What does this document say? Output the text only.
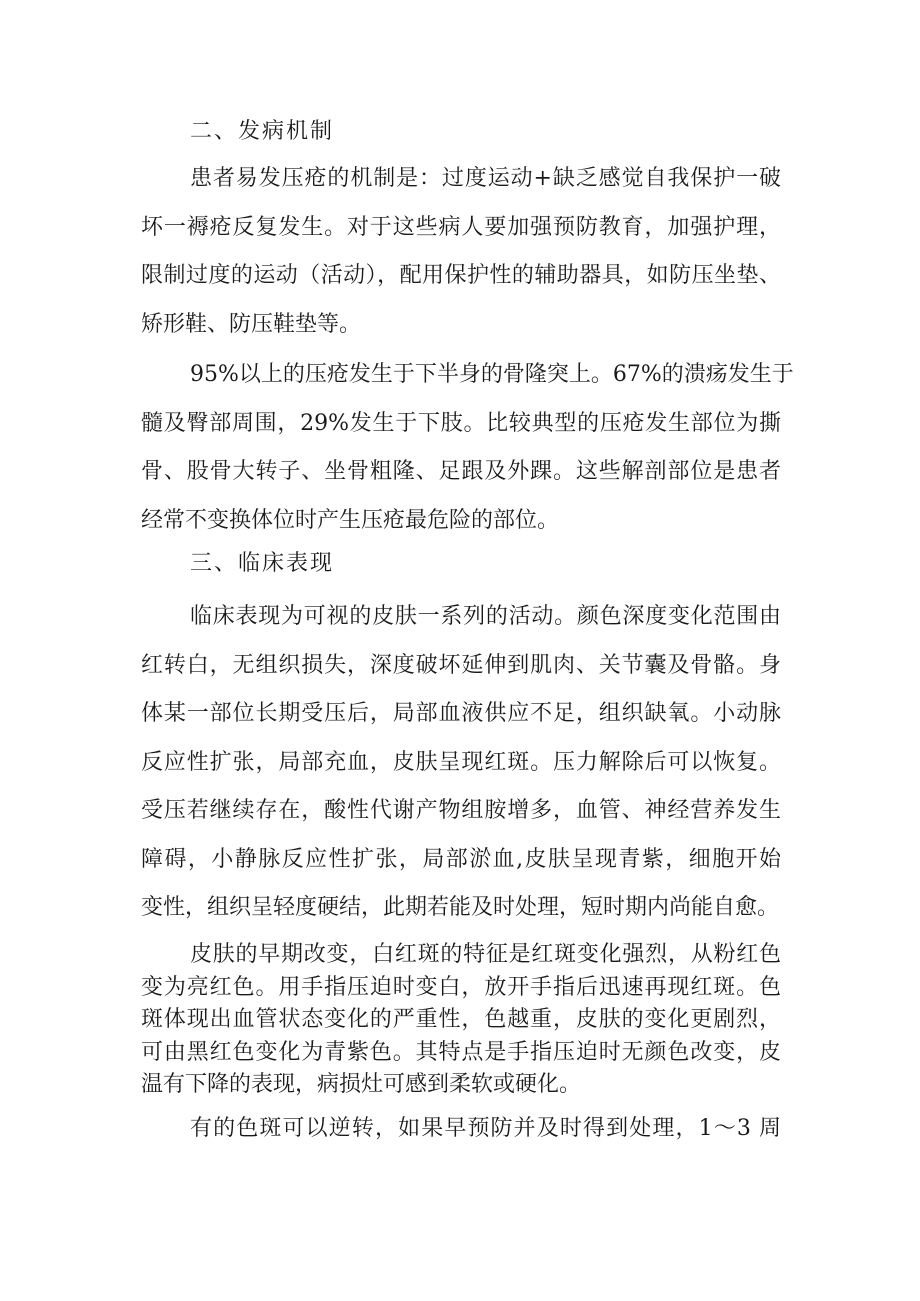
二、发病机制
患者易发压疮的机制是：过度运动+缺乏感觉自我保护一破
坏一褥疮反复发生。对于这些病人要加强预防教育，加强护理，
限制过度的运动（活动），配用保护性的辅助器具，如防压坐垫、
矫形鞋、防压鞋垫等。
95%以上的压疮发生于下半身的骨隆突上。67%的溃疡发生于
髓及臀部周围，29%发生于下肢。比较典型的压疮发生部位为撕
骨、股骨大转子、坐骨粗隆、足跟及外踝。这些解剖部位是患者
经常不变换体位时产生压疮最危险的部位。
三、临床表现
临床表现为可视的皮肤一系列的活动。颜色深度变化范围由
红转白，无组织损失，深度破坏延伸到肌肉、关节囊及骨骼。身
体某一部位长期受压后，局部血液供应不足，组织缺氧。小动脉
反应性扩张，局部充血，皮肤呈现红斑。压力解除后可以恢复。
受压若继续存在，酸性代谢产物组胺增多，血管、神经营养发生
障碍，小静脉反应性扩张，局部淤血,皮肤呈现青紫，细胞开始
变性，组织呈轻度硬结，此期若能及时处理，短时期内尚能自愈。
皮肤的早期改变，白红斑的特征是红斑变化强烈，从粉红色
变为亮红色。用手指压迫时变白，放开手指后迅速再现红斑。色
斑体现出血管状态变化的严重性，色越重，皮肤的变化更剧烈，
可由黑红色变化为青紫色。其特点是手指压迫时无颜色改变，皮
温有下降的表现，病损灶可感到柔软或硬化。
有的色斑可以逆转，如果早预防并及时得到处理，1～3 周
